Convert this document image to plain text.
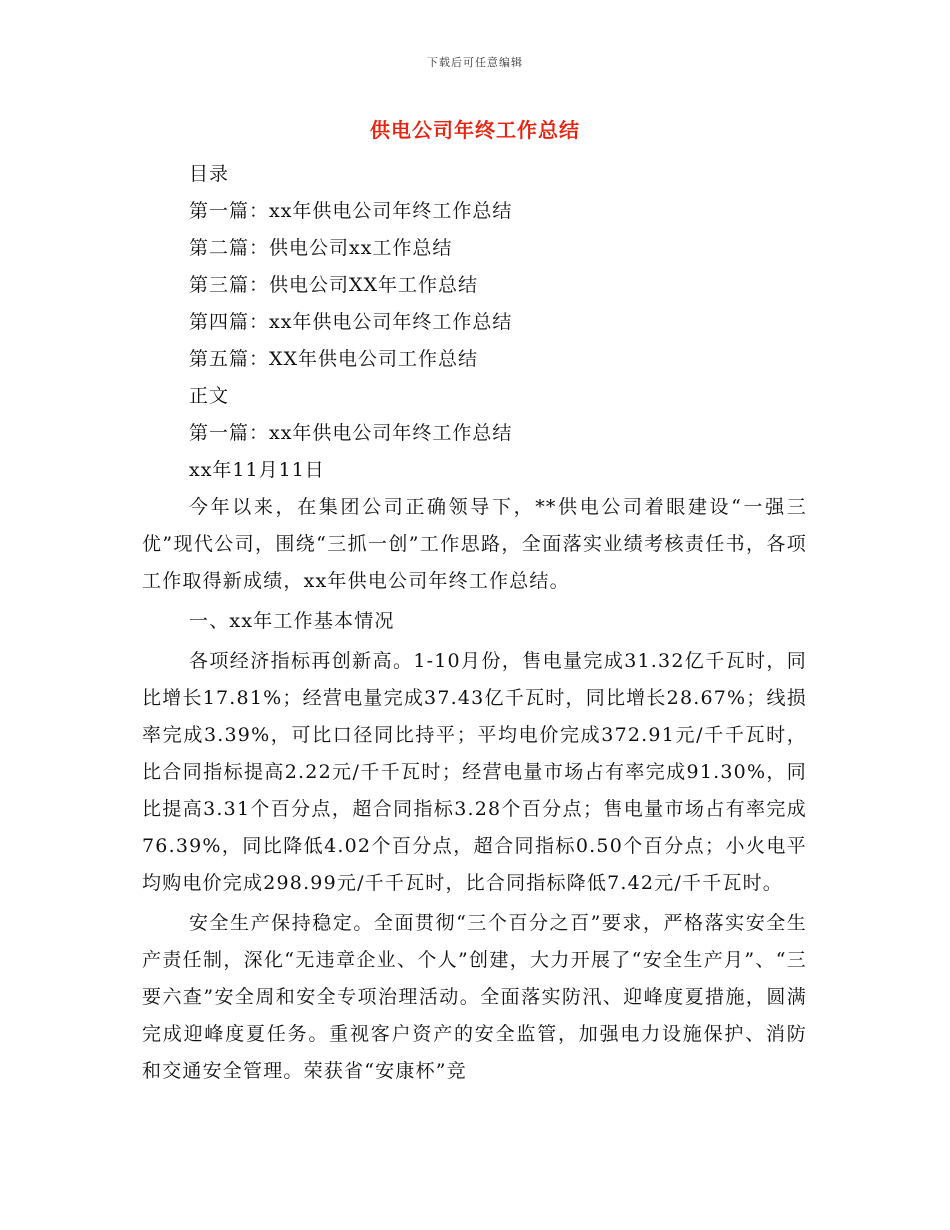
下载后可任意编辑
供电公司年终工作总结
目录
第一篇：xx年供电公司年终工作总结
第二篇：供电公司xx工作总结
第三篇：供电公司XX年工作总结
第四篇：xx年供电公司年终工作总结
第五篇：XX年供电公司工作总结
正文
第一篇：xx年供电公司年终工作总结
xx年11月11日

今年以来，在集团公司正确领导下，**供电公司着眼建设“一强三优”现代公司，围绕“三抓一创”工作思路，全面落实业绩考核责任书，各项工作取得新成绩，xx年供电公司年终工作总结。

一、xx年工作基本情况

各项经济指标再创新高。1-10月份，售电量完成31.32亿千瓦时，同比增长17.81%；经营电量完成37.43亿千瓦时，同比增长28.67%；线损率完成3.39%，可比口径同比持平；平均电价完成372.91元/千千瓦时，比合同指标提高2.22元/千千瓦时；经营电量市场占有率完成91.30%，同比提高3.31个百分点，超合同指标3.28个百分点；售电量市场占有率完成76.39%，同比降低4.02个百分点，超合同指标0.50个百分点；小火电平均购电价完成298.99元/千千瓦时，比合同指标降低7.42元/千千瓦时。

安全生产保持稳定。全面贯彻“三个百分之百”要求，严格落实安全生产责任制，深化“无违章企业、个人”创建，大力开展了“安全生产月”、“三要六查”安全周和安全专项治理活动。全面落实防汛、迎峰度夏措施，圆满完成迎峰度夏任务。重视客户资产的安全监管，加强电力设施保护、消防和交通安全管理。荣获省“安康杯”竞
